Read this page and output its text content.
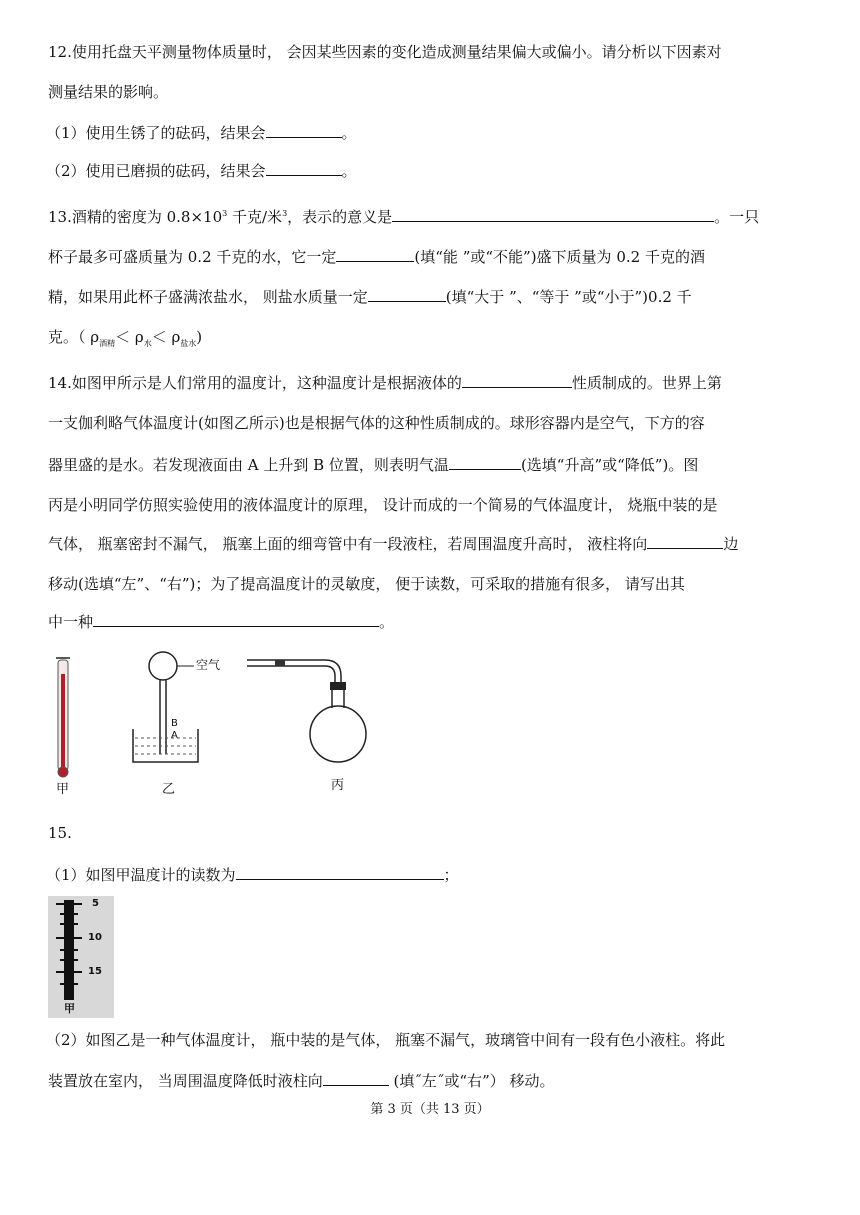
12.使用托盘天平测量物体质量时， 会因某些因素的变化造成测量结果偏大或偏小。请分析以下因素对
测量结果的影响。
（1）使用生锈了的砝码，结果会	。
（2）使用已磨损的砝码，结果会	。
13.酒精的密度为 $0.8\times 10^3$ 千克/米$^3$，表示的意义是	。一只
杯子最多可盛质量为 0.2 千克的水，它一定	(填“能 ”或“不能”)盛下质量为 0.2 千克的酒
精，如果用此杯子盛满浓盐水， 则盐水质量一定	(填“大于 ”、“等于 ”或“小于”)0.2 千
克。（ $\rho_{酒精}< \rho_水< \rho_{盐水}$)
14.如图甲所示是人们常用的温度计，这种温度计是根据液体的	性质制成的。世界上第
一支伽利略气体温度计(如图乙所示)也是根据气体的这种性质制成的。球形容器内是空气，下方的容
器里盛的是水。若发现液面由 A 上升到 B 位置，则表明气温	(选填“升高”或“降低”)。图
丙是小明同学仿照实验使用的液体温度计的原理， 设计而成的一个简易的气体温度计， 烧瓶中装的是
气体， 瓶塞密封不漏气， 瓶塞上面的细弯管中有一段液柱，若周围温度升高时， 液柱将向	边
移动(选填“左”、“右”)；为了提高温度计的灵敏度， 便于读数，可采取的措施有很多， 请写出其
中一种	。
甲
空气
B
A
乙	丙
15.
（1）如图甲温度计的读数为	；
5
10
15
甲
（2）如图乙是一种气体温度计， 瓶中装的是气体， 瓶塞不漏气，玻璃管中间有一段有色小液柱。将此
装置放在室内， 当周围温度降低时液柱向	(填˝左˝或“右”） 移动。
第 3 页（共 13 页）
